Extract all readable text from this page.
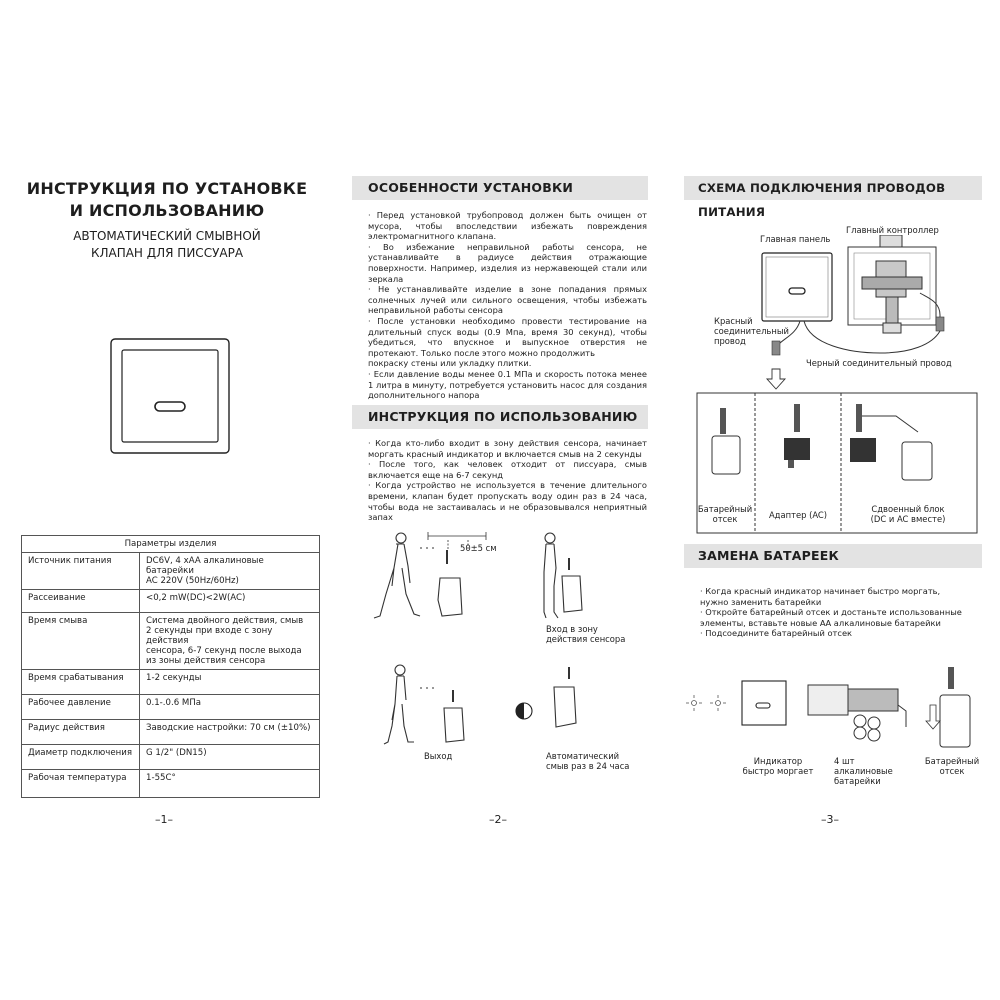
ИНСТРУКЦИЯ ПО УСТАНОВКЕ
И ИСПОЛЬЗОВАНИЮ
АВТОМАТИЧЕСКИЙ СМЫВНОЙ
КЛАПАН ДЛЯ ПИССУАРА
Параметры изделия	
Источник питания	DC6V, 4 xAA алкалиновые батарейки
AC 220V (50Hz/60Hz)

Рассеивание	<0,2 mW(DC)<2W(AC)
Время смыва	Система двойного действия, смыв
2 секунды при входе с зону действия
сенсора, 6-7 секунд после выхода
из зоны действия сенсора

Время срабатывания	1-2 секунды
Рабочее давление	0.1-.0.6 МПа
Радиус действия	Заводские настройки: 70 см (±10%)
Диаметр подключения	G 1/2" (DN15)
Рабочая температура	1-55C°
–1–
ОСОБЕННОСТИ УСТАНОВКИ

· Перед установкой трубопровод должен быть очищен от мусора, чтобы впоследствии избежать повреждения электромагнитного клапана.

· Во избежание неправильной работы сенсора, не устанавливайте в радиусе действия отражающие поверхности. Например, изделия из нержавеющей стали или зеркала

· Не устанавливайте изделие в зоне попадания прямых солнечных лучей или сильного освещения, чтобы избежать неправильной работы сенсора

· После установки необходимо провести тестирование на длительный спуск воды (0.9 Мпа, время 30 секунд), чтобы убедиться, что впускное и выпускное отверстия не протекают. Только после этого можно продолжить

покраску стены или укладку плитки.

· Если давление воды менее 0.1 МПа и скорость потока менее 1 литра в минуту, потребуется установить насос для создания дополнительного напора

ИНСТРУКЦИЯ ПО ИСПОЛЬЗОВАНИЮ

· Когда кто-либо входит в зону действия сенсора, начинает моргать красный индикатор и включается смыв на 2 секунды

· После того, как человек отходит от писсуара, смыв включается еще на 6-7 секунд

· Когда устройство не используется в течение длительного времени, клапан будет пропускать воду один раз в 24 часа, чтобы вода не застаивалась и не образовывался неприятный запах

50±5 см
Вход в зону
действия сенсора
Выход	Автоматический
смыв раз в 24 часа
–2–
СХЕМА ПОДКЛЮЧЕНИЯ ПРОВОДОВ ПИТАНИЯ
Главная панель
Главный контроллер
Красный
соединительный
провод
Черный соединительный провод
Батарейный
отсек	Адаптер (AC)
Сдвоенный блок
(DC и AC вместе)
ЗАМЕНА БАТАРЕЕК

· Когда красный индикатор начинает быстро моргать, нужно заменить батарейки

· Откройте батарейный отсек и достаньте использованные элементы, вставьте новые АА алкалиновые батарейки

· Подсоедините батарейный отсек

Индикатор
быстро моргает
4 шт
алкалиновые
батарейки
Батарейный
отсек
–3–
